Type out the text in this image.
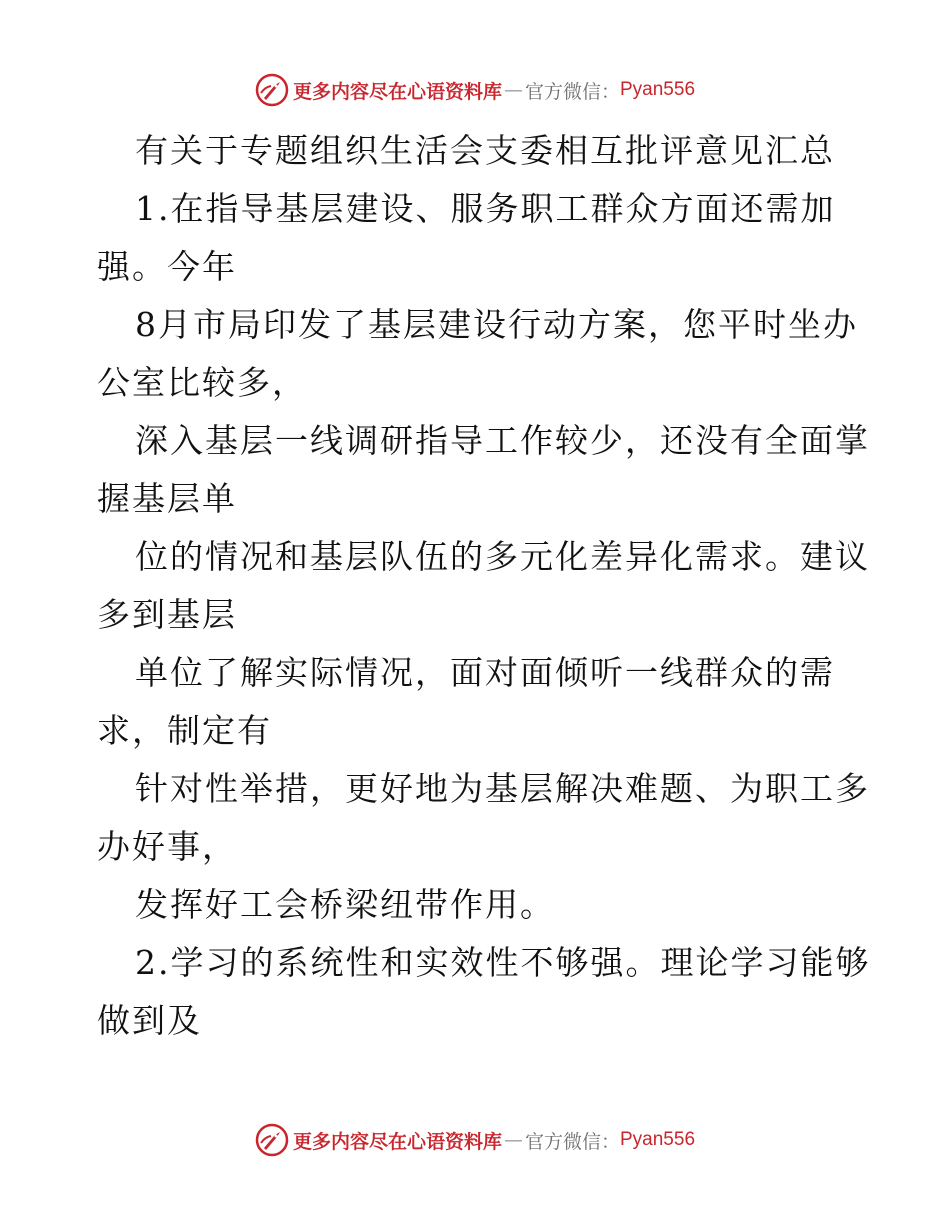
更多内容尽在心语资料库 — 官方微信： Pyan556
有关于专题组织生活会支委相互批评意见汇总
1.在指导基层建设、服务职工群众方面还需加
强。今年
8月市局印发了基层建设行动方案，您平时坐办
公室比较多，
深入基层一线调研指导工作较少，还没有全面掌
握基层单
位的情况和基层队伍的多元化差异化需求。建议
多到基层
单位了解实际情况，面对面倾听一线群众的需
求，制定有
针对性举措，更好地为基层解决难题、为职工多
办好事，
发挥好工会桥梁纽带作用。
2.学习的系统性和实效性不够强。理论学习能够
做到及
更多内容尽在心语资料库 — 官方微信： Pyan556
